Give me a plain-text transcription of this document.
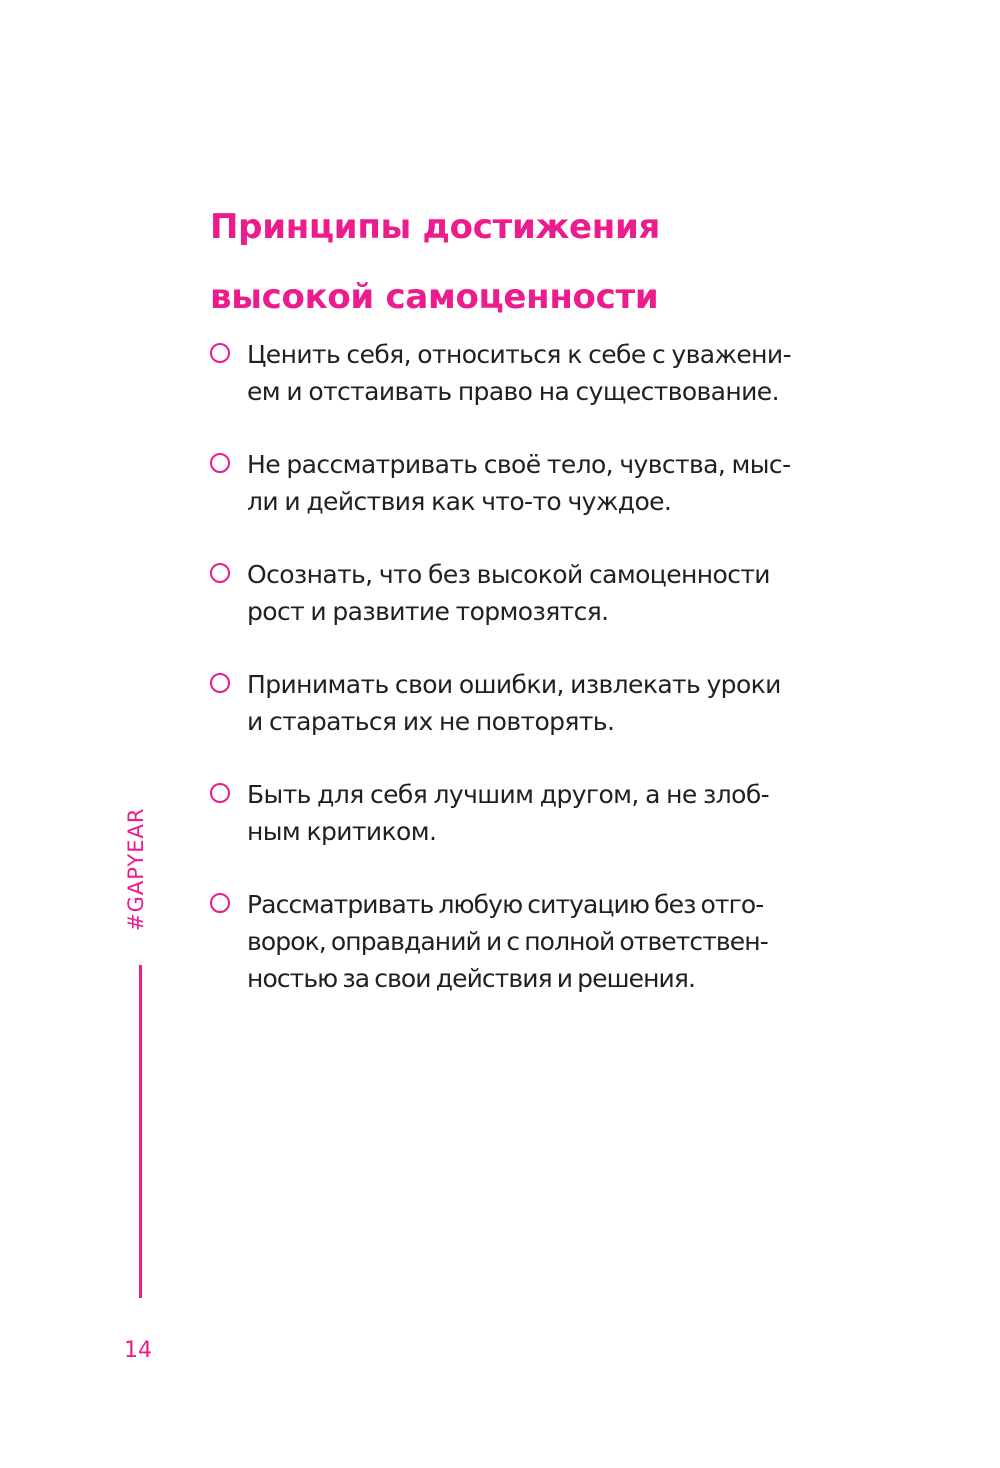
Принципы достижения
высокой самоценности
Ценить себя, относиться к себе с уважени-
ем и отстаивать право на существование.
Не рассматривать своё тело, чувства, мыс-
ли и действия как что-то чуждое.
Осознать, что без высокой самоценности
рост и развитие тормозятся.
Принимать свои ошибки, извлекать уроки
и стараться их не повторять.
Быть для себя лучшим другом, а не злоб-
ным критиком.
Рассматривать любую ситуацию без отго-
ворок, оправданий и с полной ответствен-
ностью за свои действия и решения.
#GAPYEAR
14
